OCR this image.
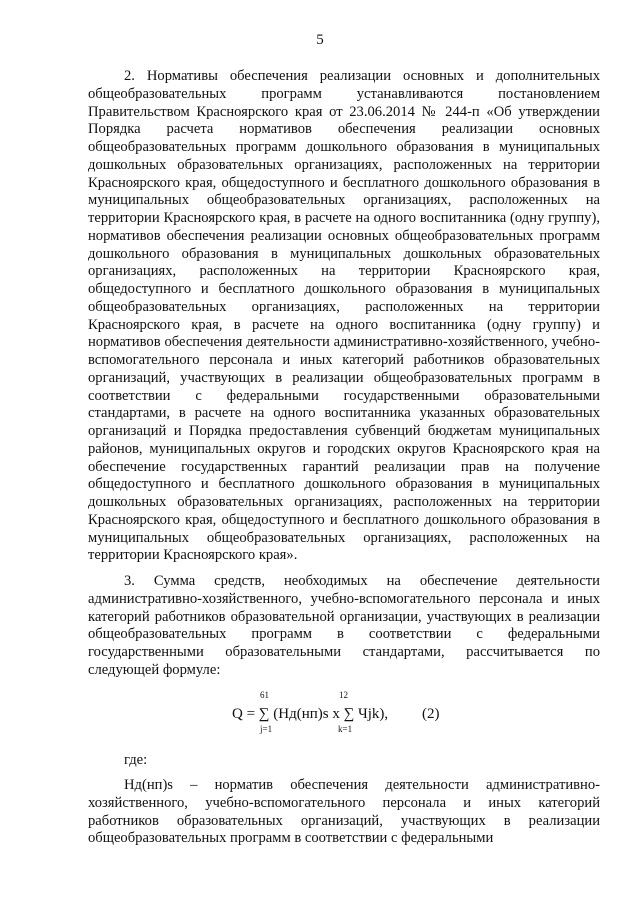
5

2. Нормативы обеспечения реализации основных и дополнительных общеобразовательных программ устанавливаются постановлением Правительством Красноярского края от 23.06.2014 № 244-п «Об утверждении Порядка расчета нормативов обеспечения реализации основных общеобразовательных программ дошкольного образования в муниципальных дошкольных образовательных организациях, расположенных на территории Красноярского края, общедоступного и бесплатного дошкольного образования в муниципальных общеобразовательных организациях, расположенных на территории Красноярского края, в расчете на одного воспитанника (одну группу), нормативов обеспечения реализации основных общеобразовательных программ дошкольного образования в муниципальных дошкольных образовательных организациях, расположенных на территории Красноярского края, общедоступного и бесплатного дошкольного образования в муниципальных общеобразовательных организациях, расположенных на территории Красноярского края, в расчете на одного воспитанника (одну группу) и нормативов обеспечения деятельности административно-хозяйственного, учебно-вспомогательного персонала и иных категорий работников образовательных организаций, участвующих в реализации общеобразовательных программ в соответствии с федеральными государственными образовательными стандартами, в расчете на одного воспитанника указанных образовательных организаций и Порядка предоставления субвенций бюджетам муниципальных районов, муниципальных округов и городских округов Красноярского края на обеспечение государственных гарантий реализации прав на получение общедоступного и бесплатного дошкольного образования в муниципальных дошкольных образовательных организациях, расположенных на территории Красноярского края, общедоступного и бесплатного дошкольного образования в муниципальных общеобразовательных организациях, расположенных на территории Красноярского края».

3. Сумма средств, необходимых на обеспечение деятельности административно-хозяйственного, учебно-вспомогательного персонала и иных категорий работников образовательной организации, участвующих в реализации общеобразовательных программ в соответствии с федеральными государственными образовательными стандартами, рассчитывается по следующей формуле:

Q = ∑ (Нд(нп)s x ∑ Чjk),
61
j=1
12
k=1
(2)

где:

Нд(нп)s – норматив обеспечения деятельности административно-хозяйственного, учебно-вспомогательного персонала и иных категорий работников образовательных организаций, участвующих в реализации общеобразовательных программ в соответствии с федеральными
